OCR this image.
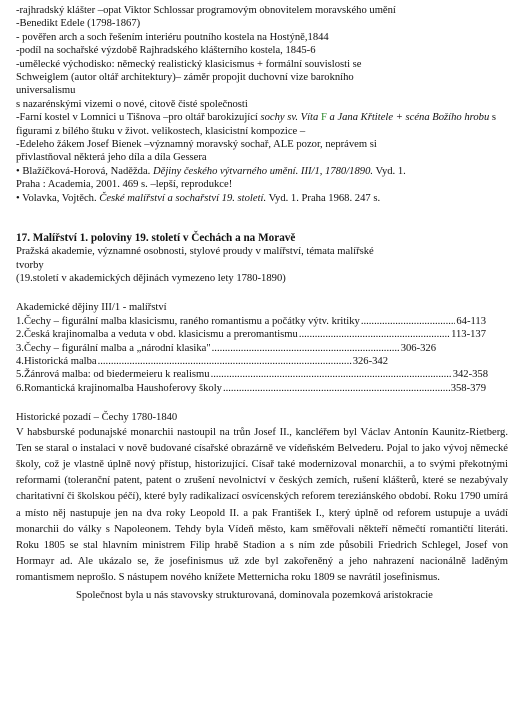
-rajhradský klášter –opat Viktor Schlossar programovým obnovitelem moravského umění
-Benedikt Edele (1798-1867)
- pověřen arch a soch řešením interiéru poutního kostela na Hostýně,1844
-podíl na sochařské výzdobě Rajhradského klášterního kostela, 1845-6
-umělecké východisko: německý realistický klasicismus + formální souvislosti se
Schweiglem (autor oltář architektury)– záměr propojit duchovní vize barokního
universalismu
s nazarénskými vizemi o nové, citově čisté společnosti
-Farní kostel v Lomnici u Tišnova –pro oltář barokizující sochy sv. Víta F a Jana Křtitele + scéna Božího hrobu s figurami z bílého štuku v život. velikostech, klasicistní kompozice –
-Edeleho žákem Josef Bienek –významný moravský sochař, ALE pozor, neprávem si
přivlastňoval některá jeho díla a díla Gessera
• Blažíčková-Horová, Naděžda. Dějiny českého výtvarného umění. III/1, 1780/1890. Vyd. 1.
Praha : Academia, 2001. 469 s. –lepší, reprodukce!
• Volavka, Vojtěch. České malířství a sochařství 19. století. Vyd. 1. Praha 1968. 247 s.
17. Malířství 1. poloviny 19. století v Čechách a na Moravě
Pražská akademie, významné osobnosti, stylové proudy v malířství, témata malířské
tvorby
(19.století v akademických dějinách vymezeno lety 1780-1890)
Akademické dějiny III/1 - malířství
1.Čechy – figurální malba klasicismu, raného romantismu a počátky výtv. kritiky .....	64-113
2.Česká krajinomalba a veduta v obd. klasicismu a preromantismu .....	113-137
3.Čechy – figurální malba a „národní klasika" .....	306-326
4.Historická malba .....	326-342
5.Žánrová malba: od biedermeieru k realismu .....	342-358
6.Romantická krajinomalba Haushoferovy školy .....	358-379
Historické pozadí – Čechy 1780-1840
V habsburské podunajské monarchii nastoupil na trůn Josef II., kancléřem byl Václav Antonín Kaunitz-Rietberg. Ten se staral o instalaci v nově budované císařské obrazárně ve vídeňském Belvederu. Pojal to jako vývoj německé školy, což je vlastně úplně nový přístup, historizující. Císař také modernizoval monarchii, a to svými překotnými reformami (toleranční patent, patent o zrušení nevolnictví v českých zemích, rušení klášterů, které se nezabývaly charitativní či školskou péčí), které byly radikalizací osvícenských reforem tereziánského období. Roku 1790 umírá a místo něj nastupuje jen na dva roky Leopold II. a pak František I., který úplně od reforem ustupuje a uvádí monarchii do války s Napoleonem. Tehdy byla Vídeň město, kam směřovali někteří němečtí romantičtí literáti. Roku 1805 se stal hlavním ministrem Filip hrabě Stadion a s ním zde působili Friedrich Schlegel, Josef von Hormayr ad. Ale ukázalo se, že josefinismus už zde byl zakořeněný a jeho nahrazení nacionálně laděným romantismem neprošlo. S nástupem nového knížete Metternicha roku 1809 se navrátil josefinismus.
Společnost byla u nás stavovsky strukturovaná, dominovala pozemková aristokracie
